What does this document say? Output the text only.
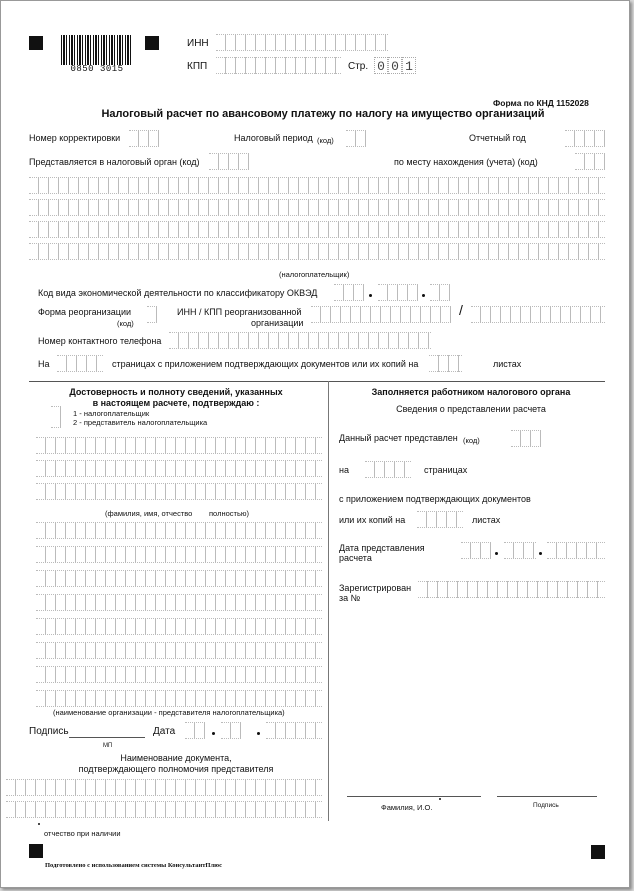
0850 3015
ИНН
КПП	Стр. 0 0 1
Форма по КНД 1152028
Налоговый расчет по авансовому платежу по налогу на имущество организаций
Номер корректировки	Налоговый период (код)	Отчетный год
Представляется в налоговый орган (код)	по месту нахождения (учета) (код)
(налогоплательщик)
Код вида экономической деятельности по классификатору ОКВЭД
Форма реорганизации
(код)
ИНН / КПП реорганизованной
организации
/
Номер контактного телефона
На	страницах с приложением подтверждающих документов или их копий на	листах
Достоверность и полноту сведений, указанных
в настоящем расчете, подтверждаю :
1 - налогоплательщик
2 - представитель налогоплательщика
(фамилия, имя, отчество полностью)
(наименование организации - представителя налогоплательщика)
Подпись
МП
Дата
Наименование документа,
подтверждающего полномочия представителя
отчество при наличии
Заполняется работником налогового органа
Сведения о представлении расчета
Данный расчет представлен (код)
на	страницах
с приложением подтверждающих документов
или их копий на	листах
Дата представления
расчета
Зарегистрирован
за №
Фамилия, И.О.	Подпись
Подготовлено с использованием системы КонсультантПлюс
